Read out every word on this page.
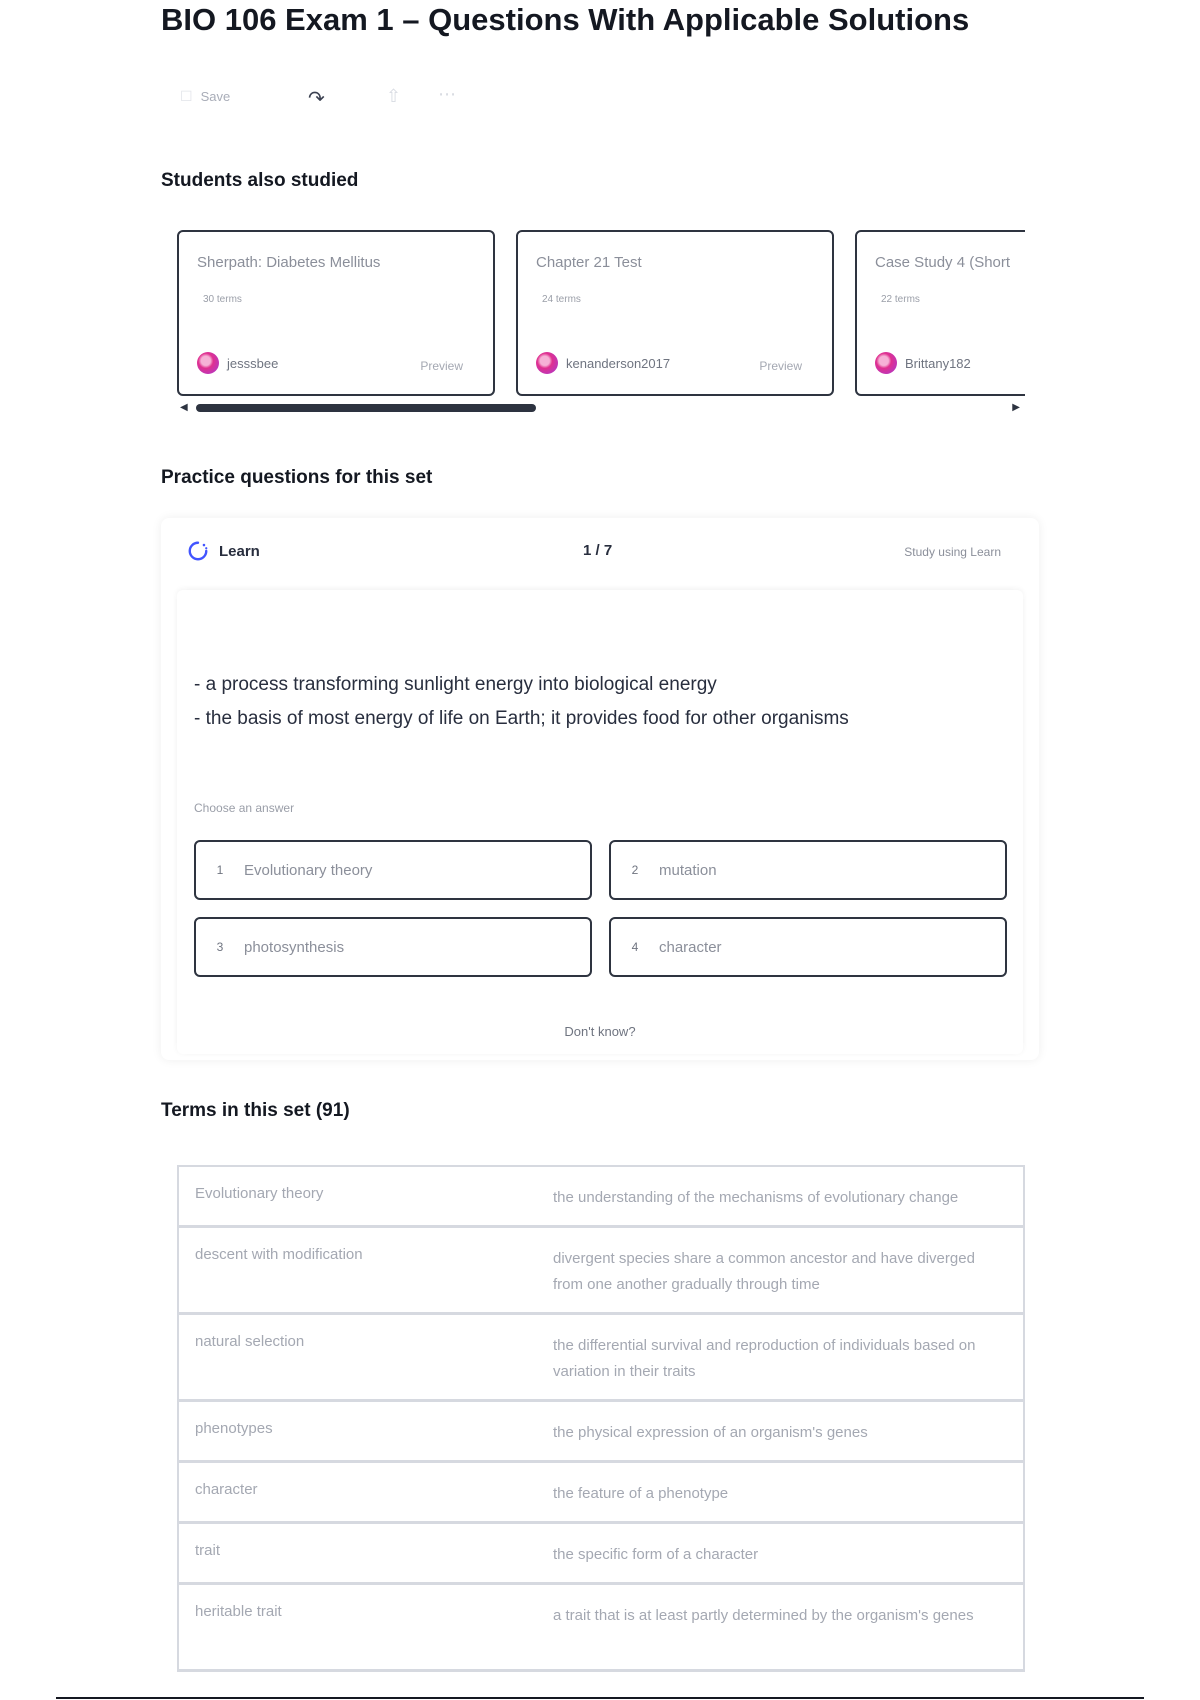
BIO 106 Exam 1 – Questions With Applicable Solutions
☐ Save	↷	⇧ ⋯
Students also studied
Sherpath: Diabetes Mellitus
30 terms
jesssbee	Preview
Chapter 21 Test
24 terms
kenanderson2017	Preview
Case Study 4 (Short
22 terms
Brittany182
◀	▶
Practice questions for this set
Learn	1 / 7	Study using Learn
- a process transforming sunlight energy into biological energy
- the basis of most energy of life on Earth; it provides food for other organisms
Choose an answer
1	Evolutionary theory	2	mutation
3	photosynthesis	4	character
Don't know?
Terms in this set (91)
Evolutionary theory	the understanding of the mechanisms of evolutionary change
descent with modification	divergent species share a common ancestor and have diverged from one another gradually through time
natural selection	the differential survival and reproduction of individuals based on variation in their traits
phenotypes	the physical expression of an organism's genes
character	the feature of a phenotype
trait	the specific form of a character
heritable trait	a trait that is at least partly determined by the organism's genes
